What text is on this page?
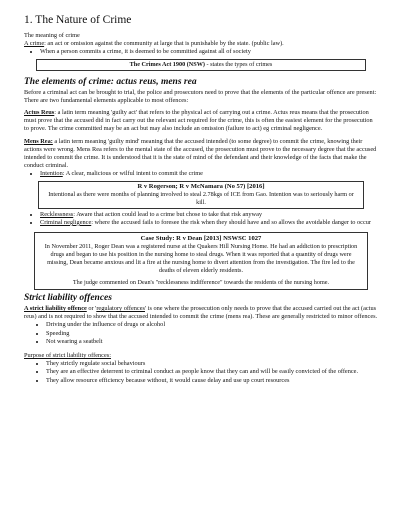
1. The Nature of Crime

The meaning of crime

A crime: an act or omission against the community at large that is punishable by the state. (public law).

• When a person commits a crime, it is deemed to be committed against all of society
The Crimes Act 1900 (NSW) - states the types of crimes
The elements of crime: actus reus, mens rea

Before a criminal act can be brought to trial, the police and prosecutors need to prove that the elements of the particular offence are present: There are two fundamental elements applicable to most offences:

Actus Reus: a latin term meaning 'guilty act' that refers to the physical act of carrying out a crime. Actus reus means that the prosecution must prove that the accused did in fact carry out the relevant act required for the crime, this is often the easiest element for the prosecution to prove. The crime committed may be an act but may also include an omission (failure to act) eg criminal negligence.

Mens Rea: a latin term meaning 'guilty mind' meaning that the accused intended (to some degree) to commit the crime, knowing their actions were wrong. Mens Rea refers to the mental state of the accused, the prosecution must prove to the necessary degree that the accused intended to commit the crime. It is understood that it is the state of mind of the defendant and their knowledge of the facts that make the conduct criminal.

• Intention: A clear, malicious or wilful intent to commit the crime
R v Rogerson; R v McNamara (No 57) [2016]
Intentional as there were months of planning involved to steal 2.78kgs of ICE from Gao. Intention was to seriously harm or kill.
• Recklessness: Aware that action could lead to a crime but chose to take that risk anyway
• Criminal negligence: where the accused fails to foresee the risk when they should have and so allows the avoidable danger to occur
Case Study: R v Dean [2013] NSWSC 1027
In November 2011, Roger Dean was a registered nurse at the Quakers Hill Nursing Home. He had an addiction to prescription drugs and began to use his position in the nursing home to steal drugs. When it was reported that a quantity of drugs were missing, Dean became anxious and lit a fire at the nursing home to divert attention from the investigation. The fire led to the deaths of eleven elderly residents.
The judge commented on Dean's "recklessness indifference" towards the residents of the nursing home.
Strict liability offences

A strict liability offence or 'regulatory offences' is one where the prosecution only needs to prove that the accused carried out the act (actus reus) and is not required to show that the accused intended to commit the crime (mens rea). These are generally restricted to minor offences.

• Driving under the influence of drugs or alcohol
• Speeding
• Not wearing a seatbelt

Purpose of strict liability offences:

• They strictly regulate social behaviours
• They are an effective deterrent to criminal conduct as people know that they can and will be easily convicted of the offence.
• They allow resource efficiency because without, it would cause delay and use up court resources
